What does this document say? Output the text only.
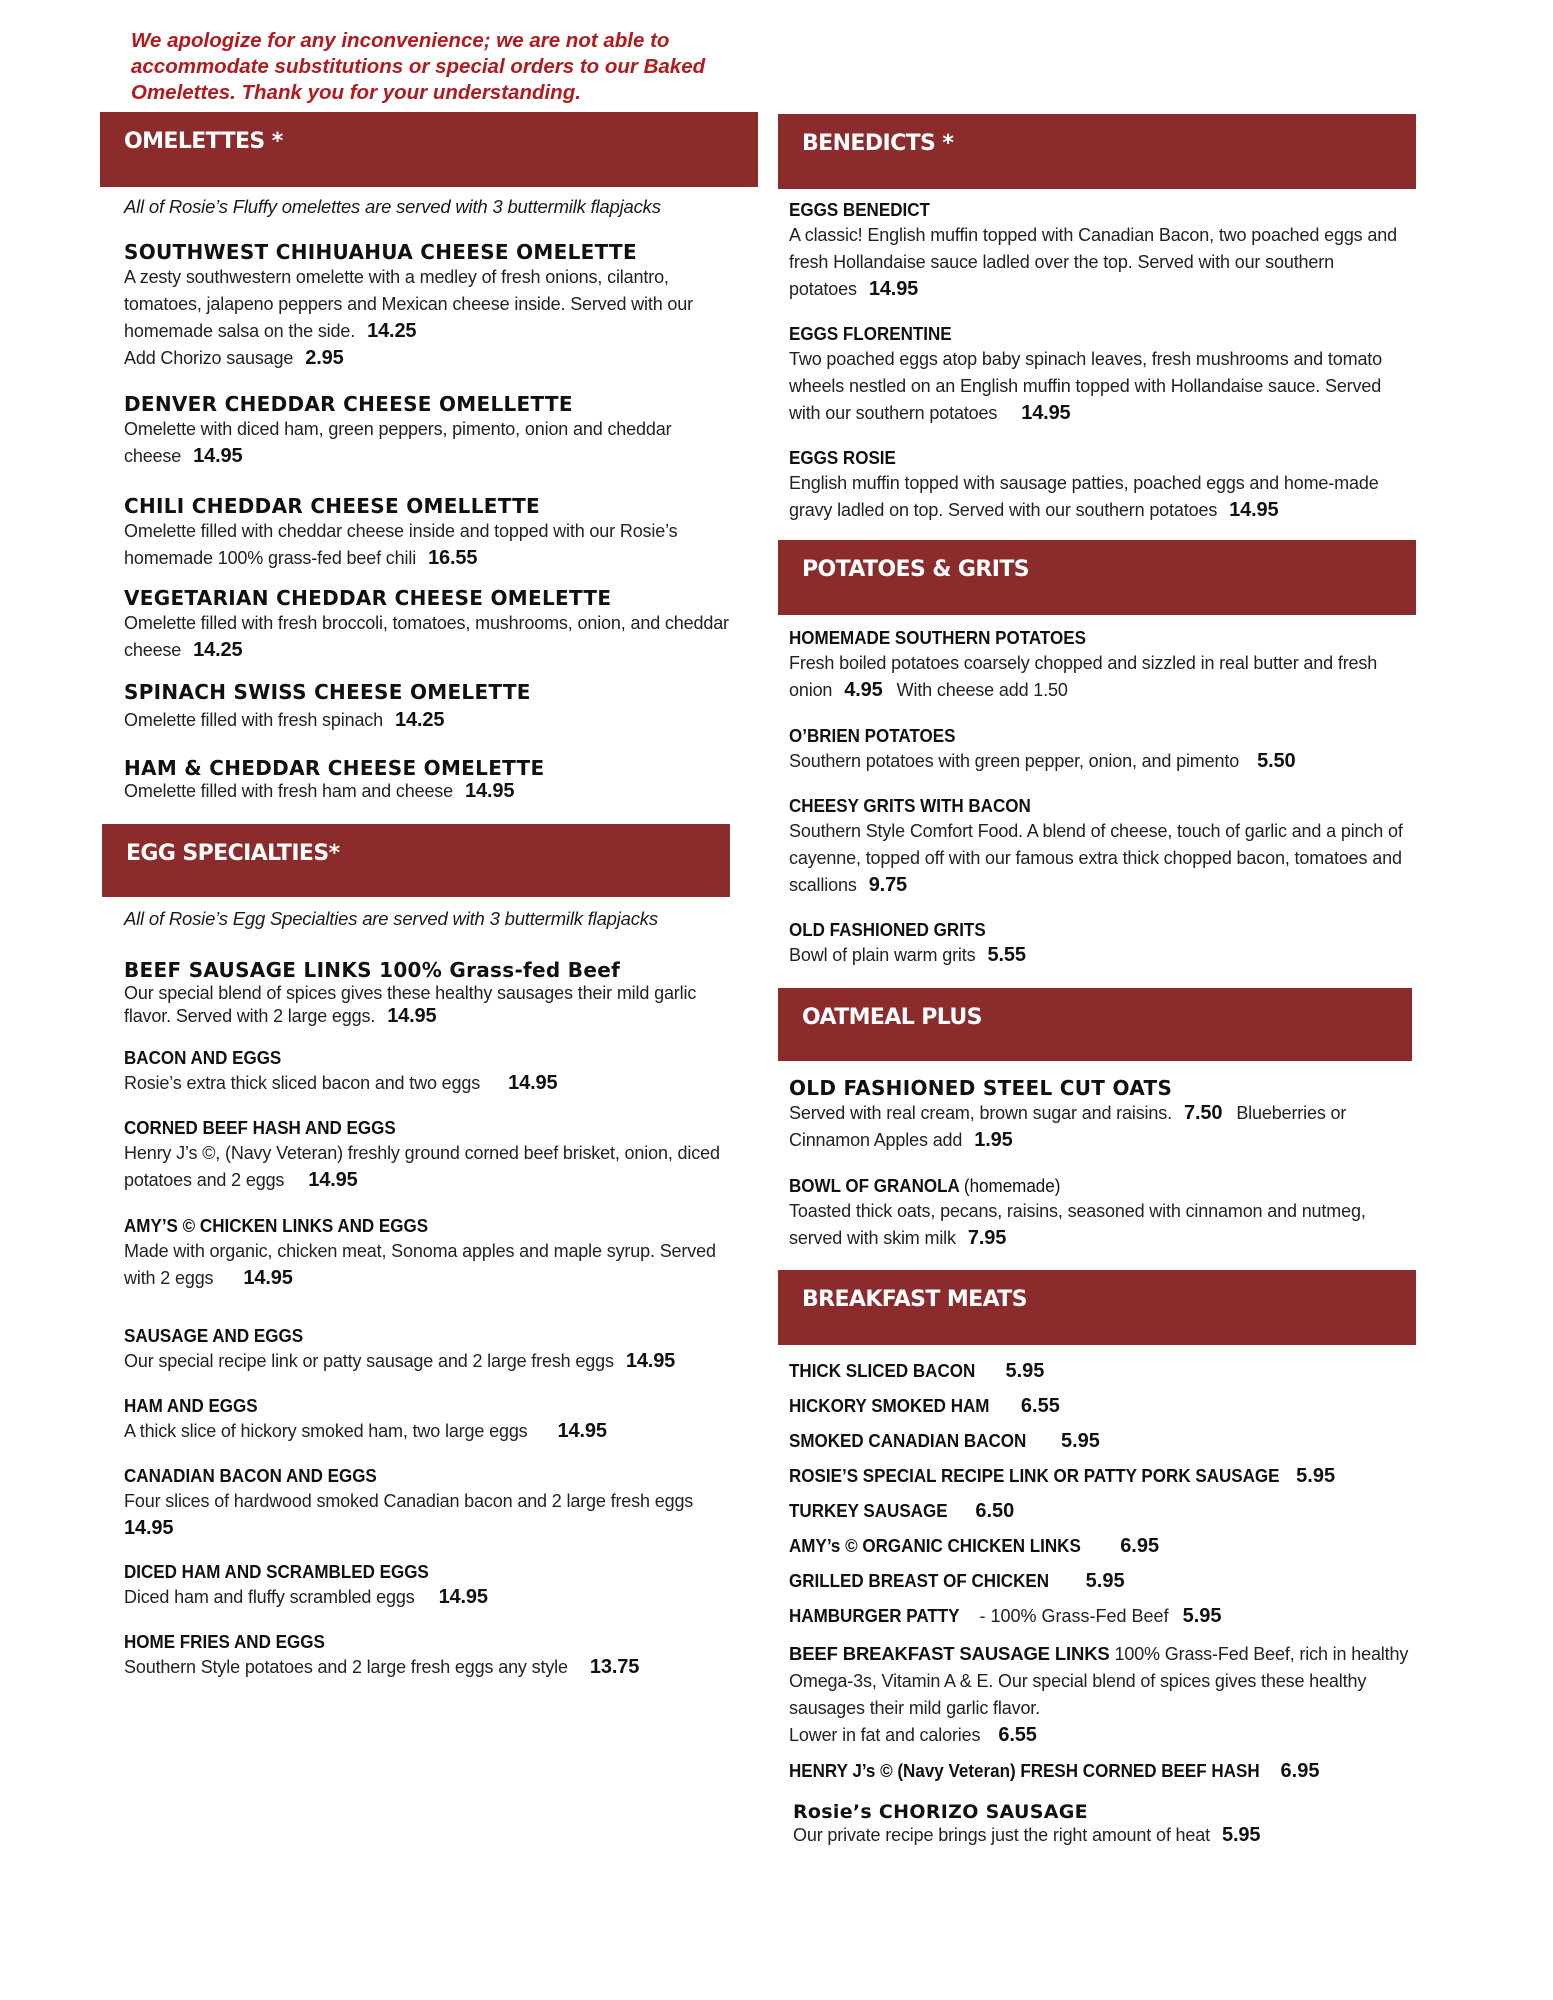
We apologize for any inconvenience; we are not able to accommodate substitutions or special orders to our Baked Omelettes. Thank you for your understanding.
OMELETTES *
All of Rosie’s Fluffy omelettes are served with 3 buttermilk flapjacks
SOUTHWEST CHIHUAHUA CHEESE OMELETTE
A zesty southwestern omelette with a medley of fresh onions, cilantro, tomatoes, jalapeno peppers and Mexican cheese inside. Served with our homemade salsa on the side. 14.25
Add Chorizo sausage 2.95
DENVER CHEDDAR CHEESE OMELLETTE
Omelette with diced ham, green peppers, pimento, onion and cheddar cheese 14.95
CHILI CHEDDAR CHEESE OMELLETTE
Omelette filled with cheddar cheese inside and topped with our Rosie’s homemade 100% grass-fed beef chili 16.55
VEGETARIAN CHEDDAR CHEESE OMELETTE
Omelette filled with fresh broccoli, tomatoes, mushrooms, onion, and cheddar cheese 14.25
SPINACH SWISS CHEESE OMELETTE
Omelette filled with fresh spinach 14.25
HAM & CHEDDAR CHEESE OMELETTE
Omelette filled with fresh ham and cheese 14.95
EGG SPECIALTIES*
All of Rosie’s Egg Specialties are served with 3 buttermilk flapjacks
BEEF SAUSAGE LINKS 100% Grass-fed Beef
Our special blend of spices gives these healthy sausages their mild garlic flavor. Served with 2 large eggs. 14.95
BACON AND EGGS
Rosie’s extra thick sliced bacon and two eggs 14.95
CORNED BEEF HASH AND EGGS
Henry J’s ©, (Navy Veteran) freshly ground corned beef brisket, onion, diced potatoes and 2 eggs 14.95
AMY’S © CHICKEN LINKS AND EGGS
Made with organic, chicken meat, Sonoma apples and maple syrup. Served with 2 eggs 14.95
SAUSAGE AND EGGS
Our special recipe link or patty sausage and 2 large fresh eggs 14.95
HAM AND EGGS
A thick slice of hickory smoked ham, two large eggs 14.95
CANADIAN BACON AND EGGS
Four slices of hardwood smoked Canadian bacon and 2 large fresh eggs
14.95
DICED HAM AND SCRAMBLED EGGS
Diced ham and fluffy scrambled eggs 14.95
HOME FRIES AND EGGS
Southern Style potatoes and 2 large fresh eggs any style 13.75
BENEDICTS *
EGGS BENEDICT
A classic! English muffin topped with Canadian Bacon, two poached eggs and fresh Hollandaise sauce ladled over the top. Served with our southern potatoes 14.95
EGGS FLORENTINE
Two poached eggs atop baby spinach leaves, fresh mushrooms and tomato wheels nestled on an English muffin topped with Hollandaise sauce. Served with our southern potatoes 14.95
EGGS ROSIE
English muffin topped with sausage patties, poached eggs and home-made gravy ladled on top. Served with our southern potatoes 14.95
POTATOES & GRITS
HOMEMADE SOUTHERN POTATOES
Fresh boiled potatoes coarsely chopped and sizzled in real butter and fresh onion 4.95 With cheese add 1.50
O’BRIEN POTATOES
Southern potatoes with green pepper, onion, and pimento 5.50
CHEESY GRITS WITH BACON
Southern Style Comfort Food. A blend of cheese, touch of garlic and a pinch of cayenne, topped off with our famous extra thick chopped bacon, tomatoes and scallions 9.75
OLD FASHIONED GRITS
Bowl of plain warm grits 5.55
OATMEAL PLUS
OLD FASHIONED STEEL CUT OATS
Served with real cream, brown sugar and raisins. 7.50 Blueberries or Cinnamon Apples add 1.95
BOWL OF GRANOLA (homemade)
Toasted thick oats, pecans, raisins, seasoned with cinnamon and nutmeg, served with skim milk 7.95
BREAKFAST MEATS
THICK SLICED BACON 5.95
HICKORY SMOKED HAM 6.55
SMOKED CANADIAN BACON 5.95
ROSIE’S SPECIAL RECIPE LINK OR PATTY PORK SAUSAGE 5.95
TURKEY SAUSAGE 6.50
AMY’s © ORGANIC CHICKEN LINKS 6.95
GRILLED BREAST OF CHICKEN 5.95
HAMBURGER PATTY - 100% Grass-Fed Beef 5.95
BEEF BREAKFAST SAUSAGE LINKS 100% Grass-Fed Beef, rich in healthy Omega-3s, Vitamin A & E. Our special blend of spices gives these healthy sausages their mild garlic flavor.
Lower in fat and calories 6.55
HENRY J’s © (Navy Veteran) FRESH CORNED BEEF HASH 6.95
Rosie’s CHORIZO SAUSAGE
Our private recipe brings just the right amount of heat 5.95
